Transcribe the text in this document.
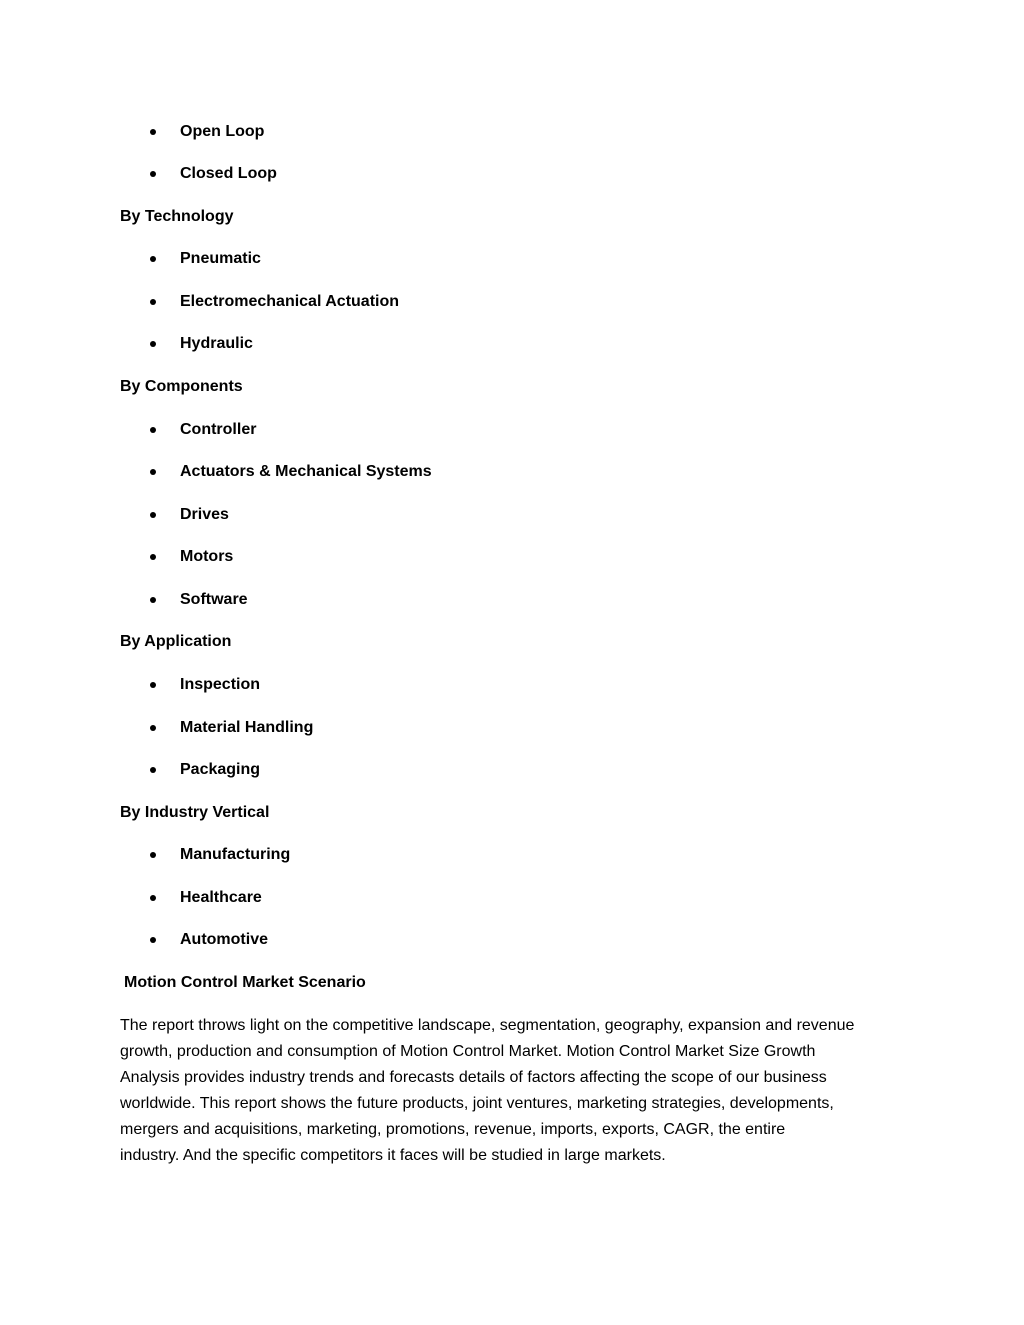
Open Loop
Closed Loop
By Technology
Pneumatic
Electromechanical Actuation
Hydraulic
By Components
Controller
Actuators & Mechanical Systems
Drives
Motors
Software
By Application
Inspection
Material Handling
Packaging
By Industry Vertical
Manufacturing
Healthcare
Automotive
Motion Control Market Scenario

The report throws light on the competitive landscape, segmentation, geography, expansion and revenue
growth, production and consumption of Motion Control Market. Motion Control Market Size Growth
Analysis provides industry trends and forecasts details of factors affecting the scope of our business
worldwide. This report shows the future products, joint ventures, marketing strategies, developments,
mergers and acquisitions, marketing, promotions, revenue, imports, exports, CAGR, the entire
industry. And the specific competitors it faces will be studied in large markets.
